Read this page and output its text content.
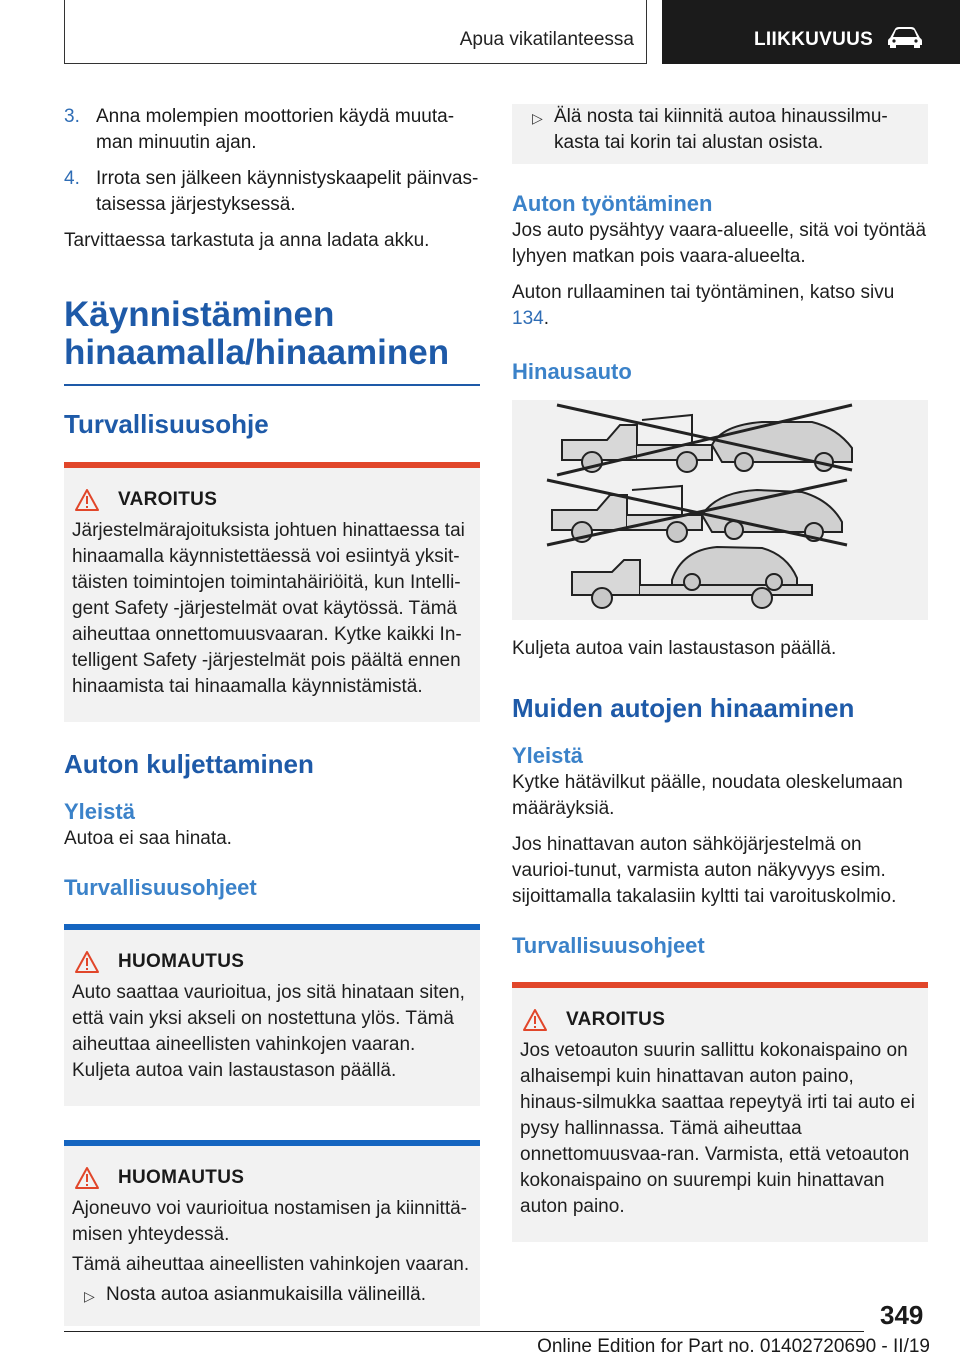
Apua vikatilanteessa	LIIKKUVUUS
3. Anna molempien moottorien käydä muuta-man minuutin ajan.
4. Irrota sen jälkeen käynnistyskaapelit päinvas-taisessa järjestyksessä.

Tarvittaessa tarkastuta ja anna ladata akku.

Käynnistäminen hinaamalla/hinaaminen
Turvallisuusohje
VAROITUS

Järjestelmärajoituksista johtuen hinattaessa tai hinaamalla käynnistettäessä voi esiintyä yksit-täisten toimintojen toimintahäiriöitä, kun Intelli-gent Safety -järjestelmät ovat käytössä. Tämä aiheuttaa onnettomuusvaaran. Kytke kaikki In-telligent Safety -järjestelmät pois päältä ennen hinaamista tai hinaamalla käynnistämistä.

Auton kuljettaminen
Yleistä

Autoa ei saa hinata.

Turvallisuusohjeet
HUOMAUTUS

Auto saattaa vaurioitua, jos sitä hinataan siten, että vain yksi akseli on nostettuna ylös. Tämä aiheuttaa aineellisten vahinkojen vaaran. Kuljeta autoa vain lastaustason päällä.

HUOMAUTUS

Ajoneuvo voi vaurioitua nostamisen ja kiinnittä-misen yhteydessä.

Tämä aiheuttaa aineellisten vahinkojen vaaran.

▷ Nosta autoa asianmukaisilla välineillä.
▷ Älä nosta tai kiinnitä autoa hinaussilmu-kasta tai korin tai alustan osista.
Auton työntäminen

Jos auto pysähtyy vaara-alueelle, sitä voi työntää lyhyen matkan pois vaara-alueelta.

Auton rullaaminen tai työntäminen, katso sivu 134.

Hinausauto

Kuljeta autoa vain lastaustason päällä.

Muiden autojen hinaaminen
Yleistä

Kytke hätävilkut päälle, noudata oleskelumaan määräyksiä.

Jos hinattavan auton sähköjärjestelmä on vaurioi-tunut, varmista auton näkyvyys esim. sijoittamalla takalasiin kyltti tai varoituskolmio.

Turvallisuusohjeet
VAROITUS

Jos vetoauton suurin sallittu kokonaispaino on alhaisempi kuin hinattavan auton paino, hinaus-silmukka saattaa repeytyä irti tai auto ei pysy hallinnassa. Tämä aiheuttaa onnettomuusvaa-ran. Varmista, että vetoauton kokonaispaino on suurempi kuin hinattavan auton paino.

349
Online Edition for Part no. 01402720690 - II/19
